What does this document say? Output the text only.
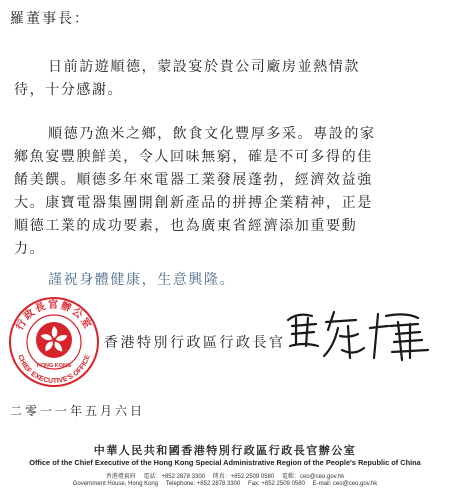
羅董事長：

日前訪遊順德，蒙設宴於貴公司廠房並熱情款
待，十分感謝。

順德乃漁米之鄉，飲食文化豐厚多采。專設的家
鄉魚宴豐腴鮮美，令人回味無窮，確是不可多得的佳
餚美饌。順德多年來電器工業發展蓬勃，經濟效益強
大。康寶電器集團開創新產品的拼搏企業精神，正是
順德工業的成功要素，也為廣東省經濟添加重要動
力。

謹祝身體健康，生意興隆。

行政長官辦公室
CHIEF EXECUTIVE'S OFFICE
HONG KONG
香港特別行政區行政長官
二零一一年五月六日
中華人民共和國香港特別行政區行政長官辦公室
Office of the Chief Executive of the Hong Kong Special Administrative Region of the People's Republic of China
香港禮賓府 電話：+852 2878 3300 傳真：+852 2509 0580 電郵：ceo@ceo.gov.hk
Government House, Hong Kong Telephone: +852 2878 3300 Fax: +852 2509 0580 E-mail: ceo@ceo.gov.hk
